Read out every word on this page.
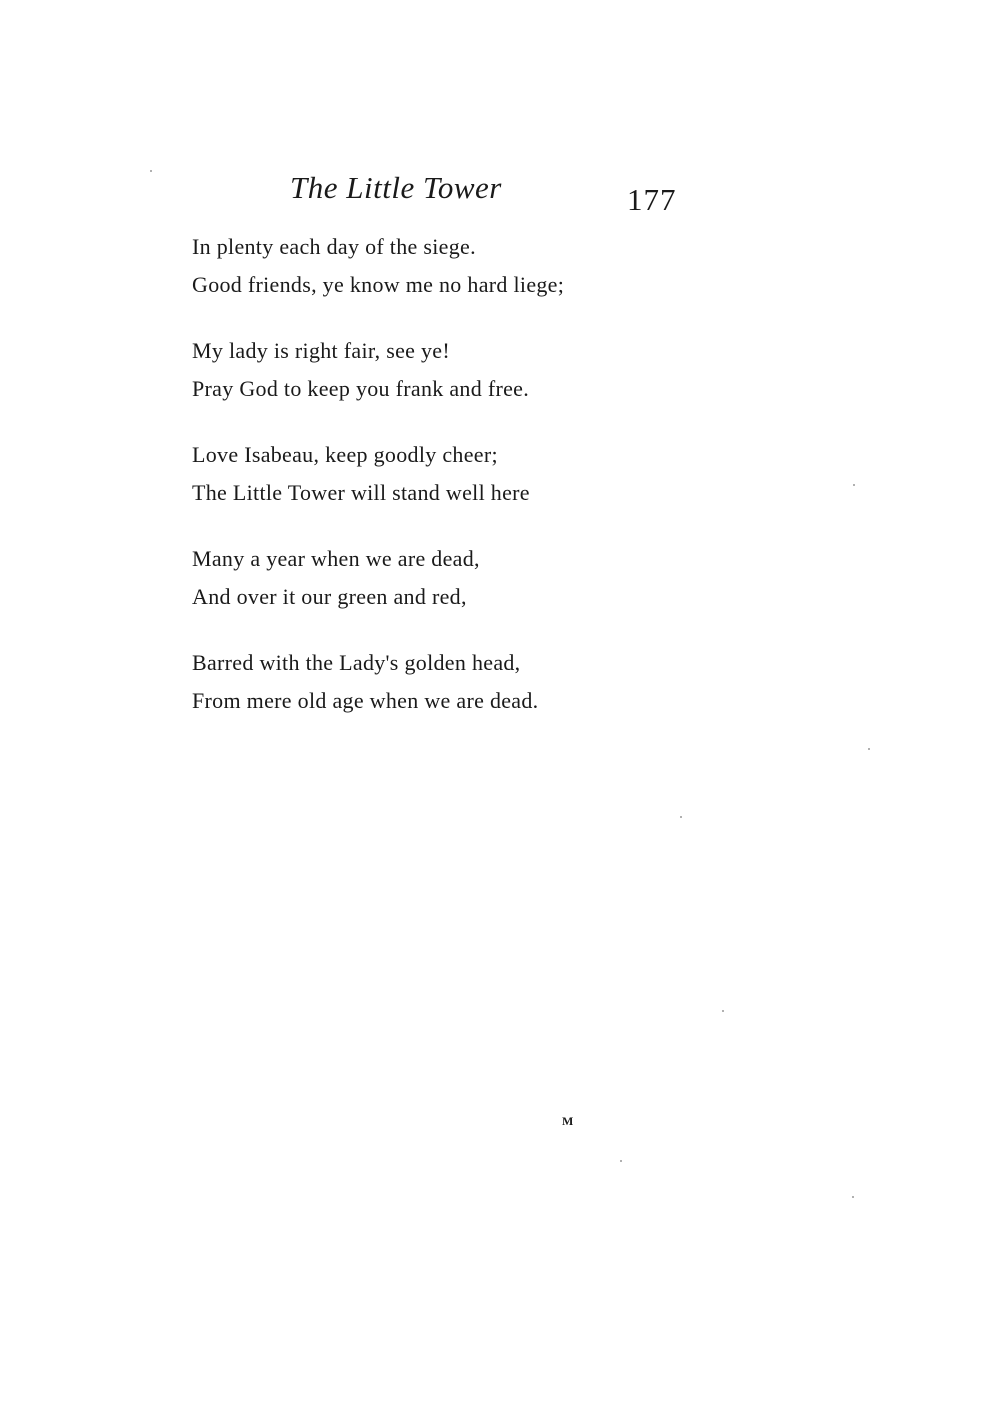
The Little Tower	177
In plenty each day of the siege.
Good friends, ye know me no hard liege;
My lady is right fair, see ye!
Pray God to keep you frank and free.
Love Isabeau, keep goodly cheer;
The Little Tower will stand well here
Many a year when we are dead,
And over it our green and red,
Barred with the Lady's golden head,
From mere old age when we are dead.
M
